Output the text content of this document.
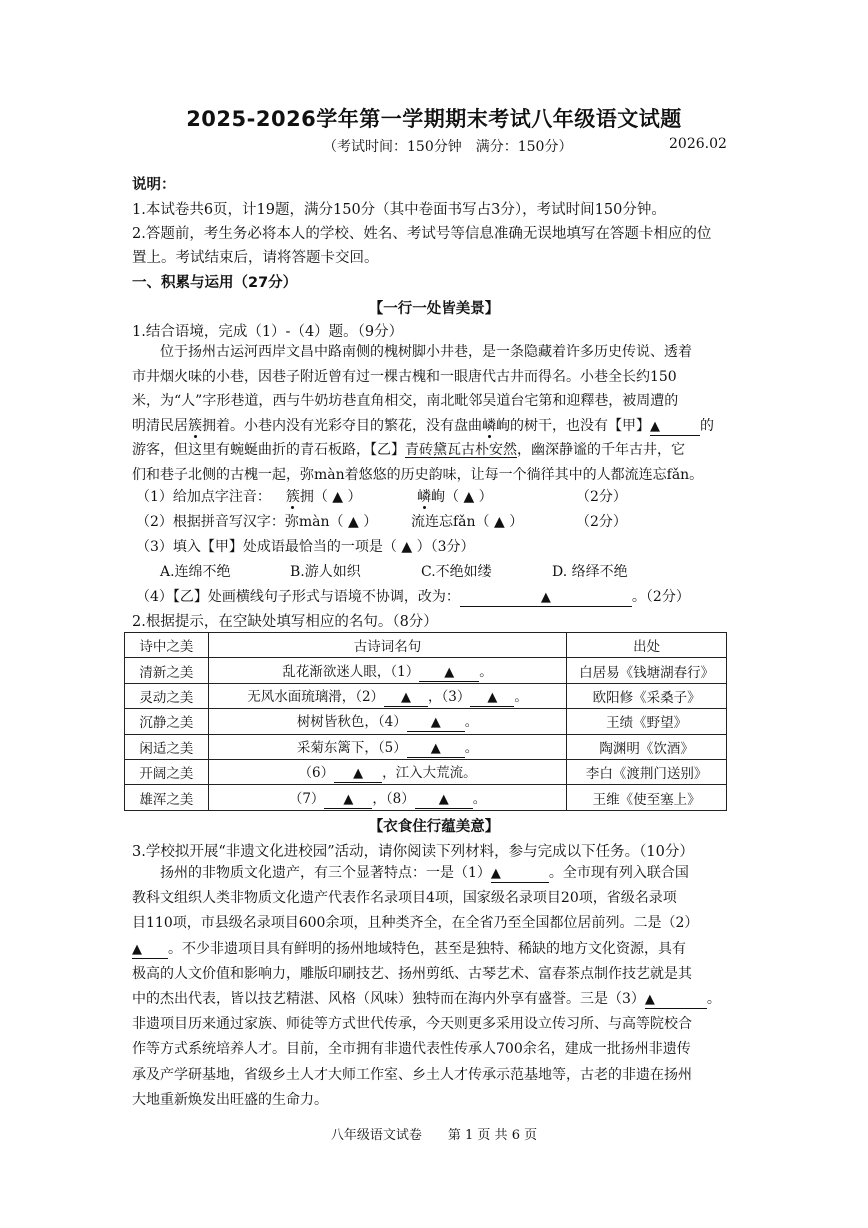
2025-2026学年第一学期期末考试八年级语文试题
（考试时间：150分钟　满分：150分）	2026.02
说明：
1.本试卷共6页，计19题，满分150分（其中卷面书写占3分），考试时间150分钟。
2.答题前，考生务必将本人的学校、姓名、考试号等信息准确无误地填写在答题卡相应的位
置上。考试结束后，请将答题卡交回。
一、积累与运用（27分）
【一行一处皆美景】
1.结合语境，完成（1）-（4）题。（9分）
位于扬州古运河西岸文昌中路南侧的槐树脚小井巷，是一条隐藏着许多历史传说、透着
市井烟火味的小巷，因巷子附近曾有过一棵古槐和一眼唐代古井而得名。小巷全长约150
米，为“人”字形巷道，西与牛奶坊巷直角相交，南北毗邻吴道台宅第和迎釋巷，被周遭的
明清民居簇拥着。小巷内没有光彩夺目的繁花，没有盘曲嶙峋的树干，也没有【甲】▲	的
游客，但这里有蜿蜒曲折的青石板路，【乙】青砖黛瓦古朴安然，幽深静谧的千年古井，它
们和巷子北侧的古槐一起，弥màn着悠悠的历史韵味，让每一个徜徉其中的人都流连忘fǎn。
（1）给加点字注音： 簇拥（ ▲ ）	嶙峋（ ▲ ）	（2分）
（2）根据拼音写汉字：弥màn（ ▲ ） 流连忘fǎn（ ▲ ）	（2分）
（3）填入【甲】处成语最恰当的一项是（ ▲ ）（3分）
A.连绵不绝	B.游人如织	C.不绝如缕	D. 络绎不绝
（4）【乙】处画横线句子形式与语境不协调，改为：	▲	。（2分）
2.根据提示，在空缺处填写相应的名句。（8分）
诗中之美	古诗词名句	出处
清新之美	乱花渐欲迷人眼，（1） ▲ 。	白居易《钱塘湖春行》
灵动之美	无风水面琉璃滑，（2） ▲ ，（3） ▲ 。	欧阳修《采桑子》
沉静之美	树树皆秋色，（4） ▲ 。	王绩《野望》
闲适之美	采菊东篱下，（5） ▲ 。	陶渊明《饮酒》
开阔之美	（6） ▲ ，江入大荒流。	李白《渡荆门送别》
雄浑之美	（7） ▲ ，（8） ▲ 。	王维《使至塞上》
【衣食住行蕴美意】
3.学校拟开展“非遗文化进校园”活动，请你阅读下列材料，参与完成以下任务。（10分）
扬州的非物质文化遗产，有三个显著特点：一是（1）▲	。全市现有列入联合国
教科文组织人类非物质文化遗产代表作名录项目4项，国家级名录项目20项，省级名录项
目110项，市县级名录项目600余项，且种类齐全，在全省乃至全国都位居前列。二是（2）
▲ 。不少非遗项目具有鲜明的扬州地域特色，甚至是独特、稀缺的地方文化资源，具有
极高的人文价值和影响力，雕版印刷技艺、扬州剪纸、古琴艺术、富春茶点制作技艺就是其
中的杰出代表，皆以技艺精湛、风格（风味）独特而在海内外享有盛誉。三是（3）▲	。
非遗项目历来通过家族、师徒等方式世代传承，今天则更多采用设立传习所、与高等院校合
作等方式系统培养人才。目前，全市拥有非遗代表性传承人700余名，建成一批扬州非遗传
承及产学研基地，省级乡土人才大师工作室、乡土人才传承示范基地等，古老的非遗在扬州
大地重新焕发出旺盛的生命力。
八年级语文试卷　　第 1 页 共 6 页
